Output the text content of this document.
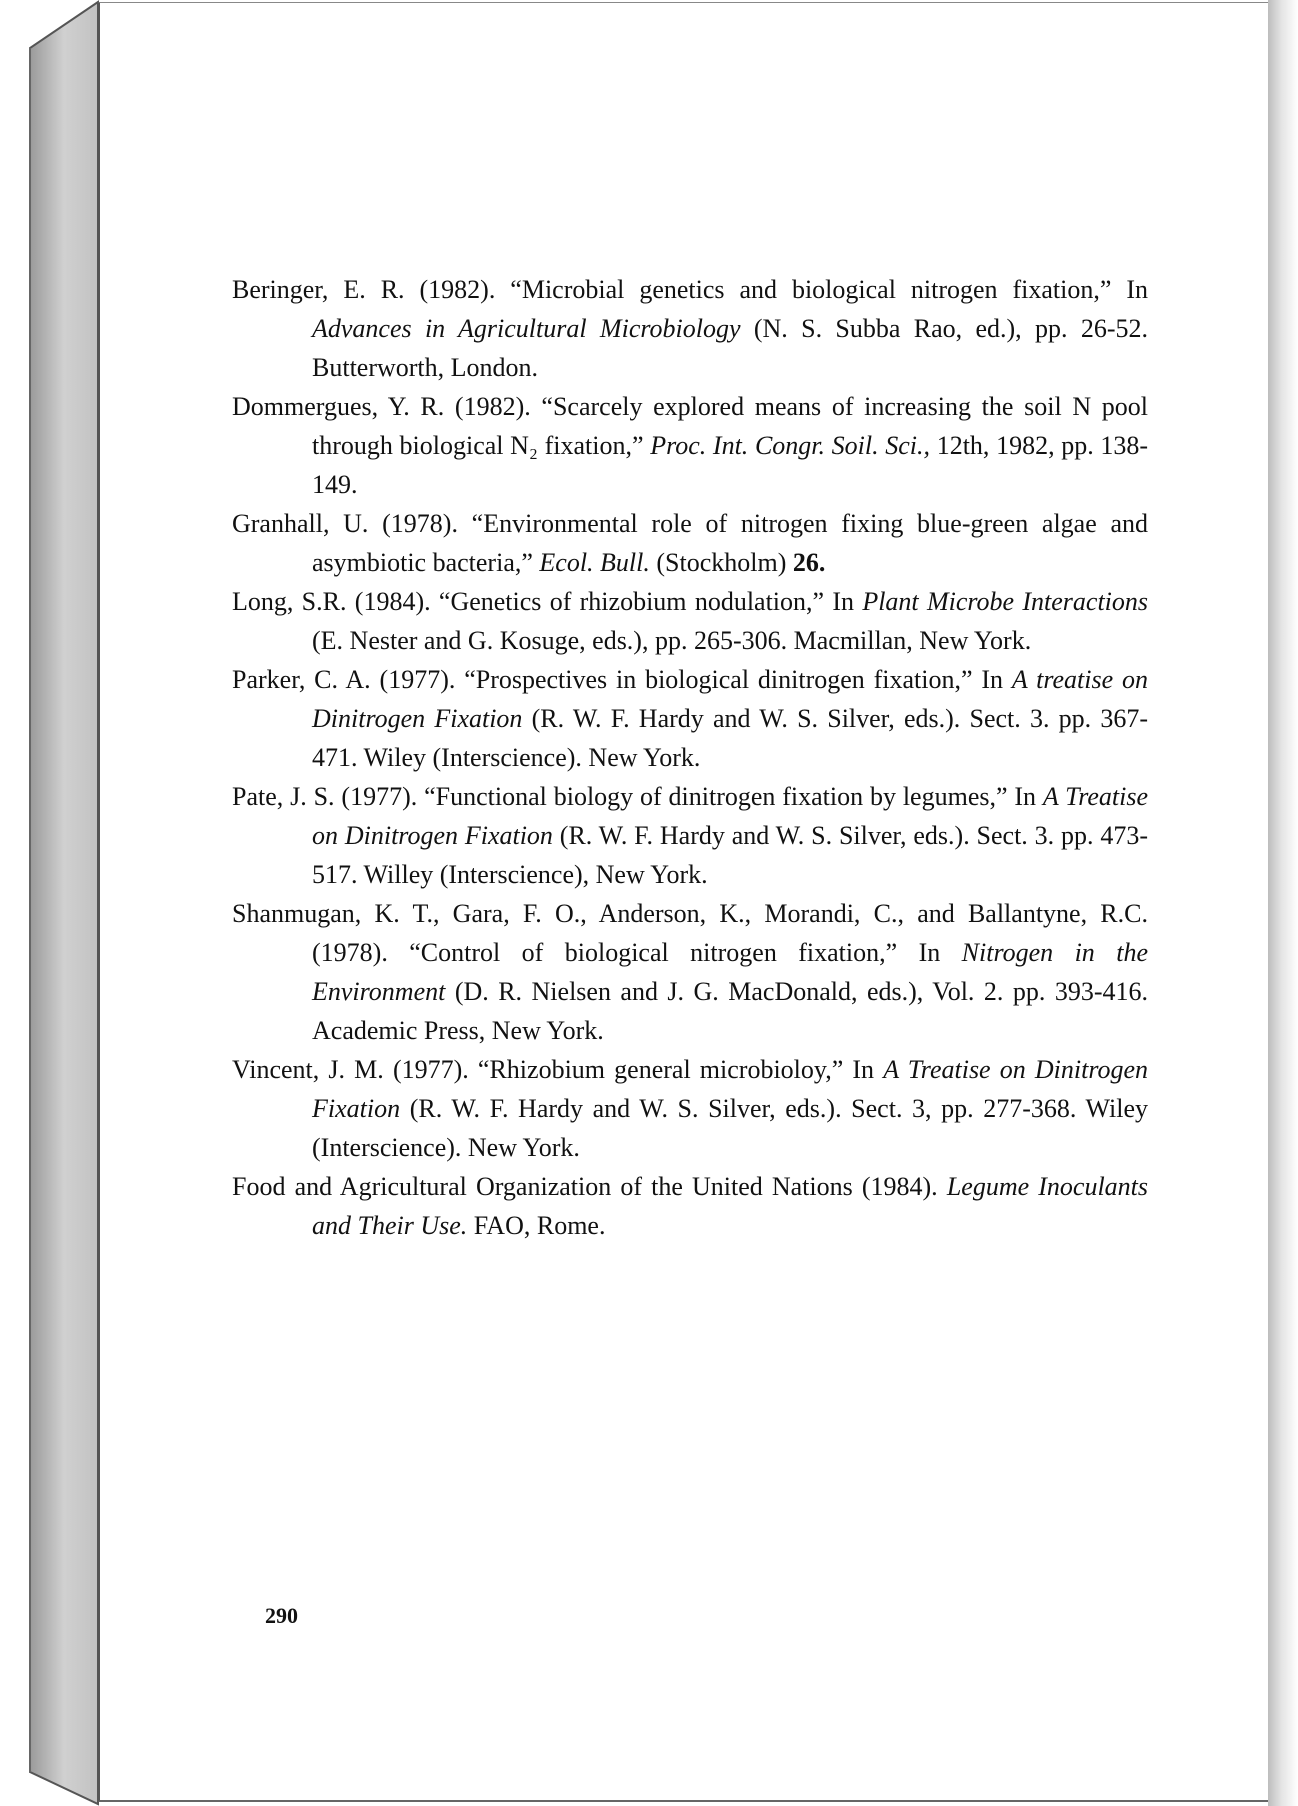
Beringer, E. R. (1982). “Microbial genetics and biological nitrogen fixation,” In Advances in Agricultural Microbiology (N. S. Subba Rao, ed.), pp. 26-52. Butterworth, London.
Dommergues, Y. R. (1982). “Scarcely explored means of increasing the soil N pool through biological N₂ fixation,” Proc. Int. Congr. Soil. Sci., 12th, 1982, pp. 138-149.
Granhall, U. (1978). “Environmental role of nitrogen fixing blue-green algae and asymbiotic bacteria,” Ecol. Bull. (Stockholm) 26.
Long, S.R. (1984). “Genetics of rhizobium nodulation,” In Plant Microbe Interactions (E. Nester and G. Kosuge, eds.), pp. 265-306. Macmillan, New York.
Parker, C. A. (1977). “Prospectives in biological dinitrogen fixation,” In A treatise on Dinitrogen Fixation (R. W. F. Hardy and W. S. Silver, eds.). Sect. 3. pp. 367-471. Wiley (Interscience). New York.
Pate, J. S. (1977). “Functional biology of dinitrogen fixation by legumes,” In A Treatise on Dinitrogen Fixation (R. W. F. Hardy and W. S. Silver, eds.). Sect. 3. pp. 473-517. Willey (Interscience), New York.
Shanmugan, K. T., Gara, F. O., Anderson, K., Morandi, C., and Ballantyne, R.C. (1978). “Control of biological nitrogen fixation,” In Nitrogen in the Environment (D. R. Nielsen and J. G. MacDonald, eds.), Vol. 2. pp. 393-416. Academic Press, New York.
Vincent, J. M. (1977). “Rhizobium general microbioloy,” In A Treatise on Dinitrogen Fixation (R. W. F. Hardy and W. S. Silver, eds.). Sect. 3, pp. 277-368. Wiley (Interscience). New York.
Food and Agricultural Organization of the United Nations (1984). Legume Inoculants and Their Use. FAO, Rome.
290
